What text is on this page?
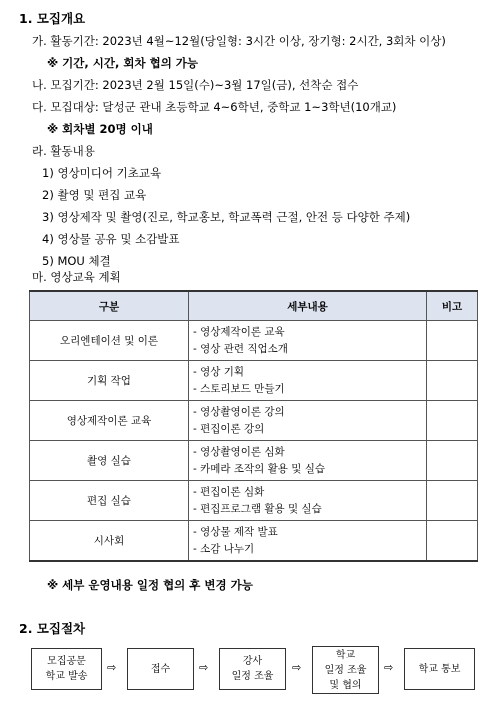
1. 모집개요
가. 활동기간: 2023년 4월~12월(당일형: 3시간 이상, 장기형: 2시간, 3회차 이상)
※ 기간, 시간, 회차 협의 가능
나. 모집기간: 2023년 2월 15일(수)~3월 17일(금), 선착순 접수
다. 모집대상: 달성군 관내 초등학교 4~6학년, 중학교 1~3학년(10개교)
※ 회차별 20명 이내
라. 활동내용
1) 영상미디어 기초교육
2) 촬영 및 편집 교육
3) 영상제작 및 촬영(진로, 학교홍보, 학교폭력 근절, 안전 등 다양한 주제)
4) 영상물 공유 및 소감발표
5) MOU 체결
마. 영상교육 계획
구분	세부내용	비고
오리엔테이션 및 이론	- 영상제작이론 교육
- 영상 관련 직업소개	

기획 작업	- 영상 기획
- 스토리보드 만들기	

영상제작이론 교육	- 영상촬영이론 강의
- 편집이론 강의	

촬영 실습	- 영상촬영이론 심화
- 카메라 조작의 활용 및 실습	

편집 실습	- 편집이론 심화
- 편집프로그램 활용 및 실습	

시사회	- 영상물 제작 발표
- 소감 나누기	

※ 세부 운영내용 일정 협의 후 변경 가능
2. 모집절차
모집공문
학교 발송
⇨	접수	⇨	강사
일정 조율
⇨
학교
일정 조율
및 협의
⇨	학교 통보
